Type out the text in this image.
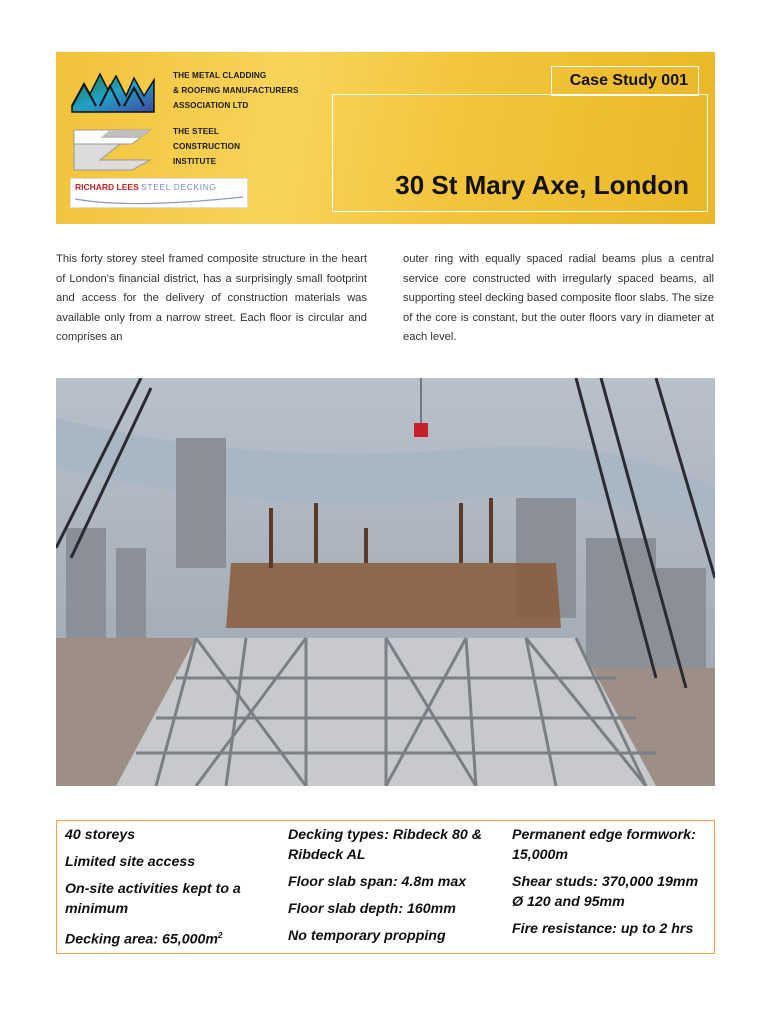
THE METAL CLADDING
& ROOFING MANUFACTURERS
ASSOCIATION LTD
THE STEEL
CONSTRUCTION
INSTITUTE
RICHARD LEES STEEL DECKING
Case Study 001
30 St Mary Axe, London

This forty storey steel framed composite structure in the heart of London's financial district, has a surprisingly small footprint and access for the delivery of construction materials was available only from a narrow street. Each floor is circular and comprises an

outer ring with equally spaced radial beams plus a central service core constructed with irregularly spaced beams, all supporting steel decking based composite floor slabs. The size of the core is constant, but the outer floors vary in diameter at each level.

40 storeys
Limited site access
On-site activities kept to a minimum
Decking area: $65,000m^2$
Decking types: Ribdeck 80 & Ribdeck AL
Floor slab span: 4.8m max
Floor slab depth: 160mm
No temporary propping
Permanent edge formwork: 15,000m
Shear studs: 370,000 19mm Ø 120 and 95mm
Fire resistance: up to 2 hrs
